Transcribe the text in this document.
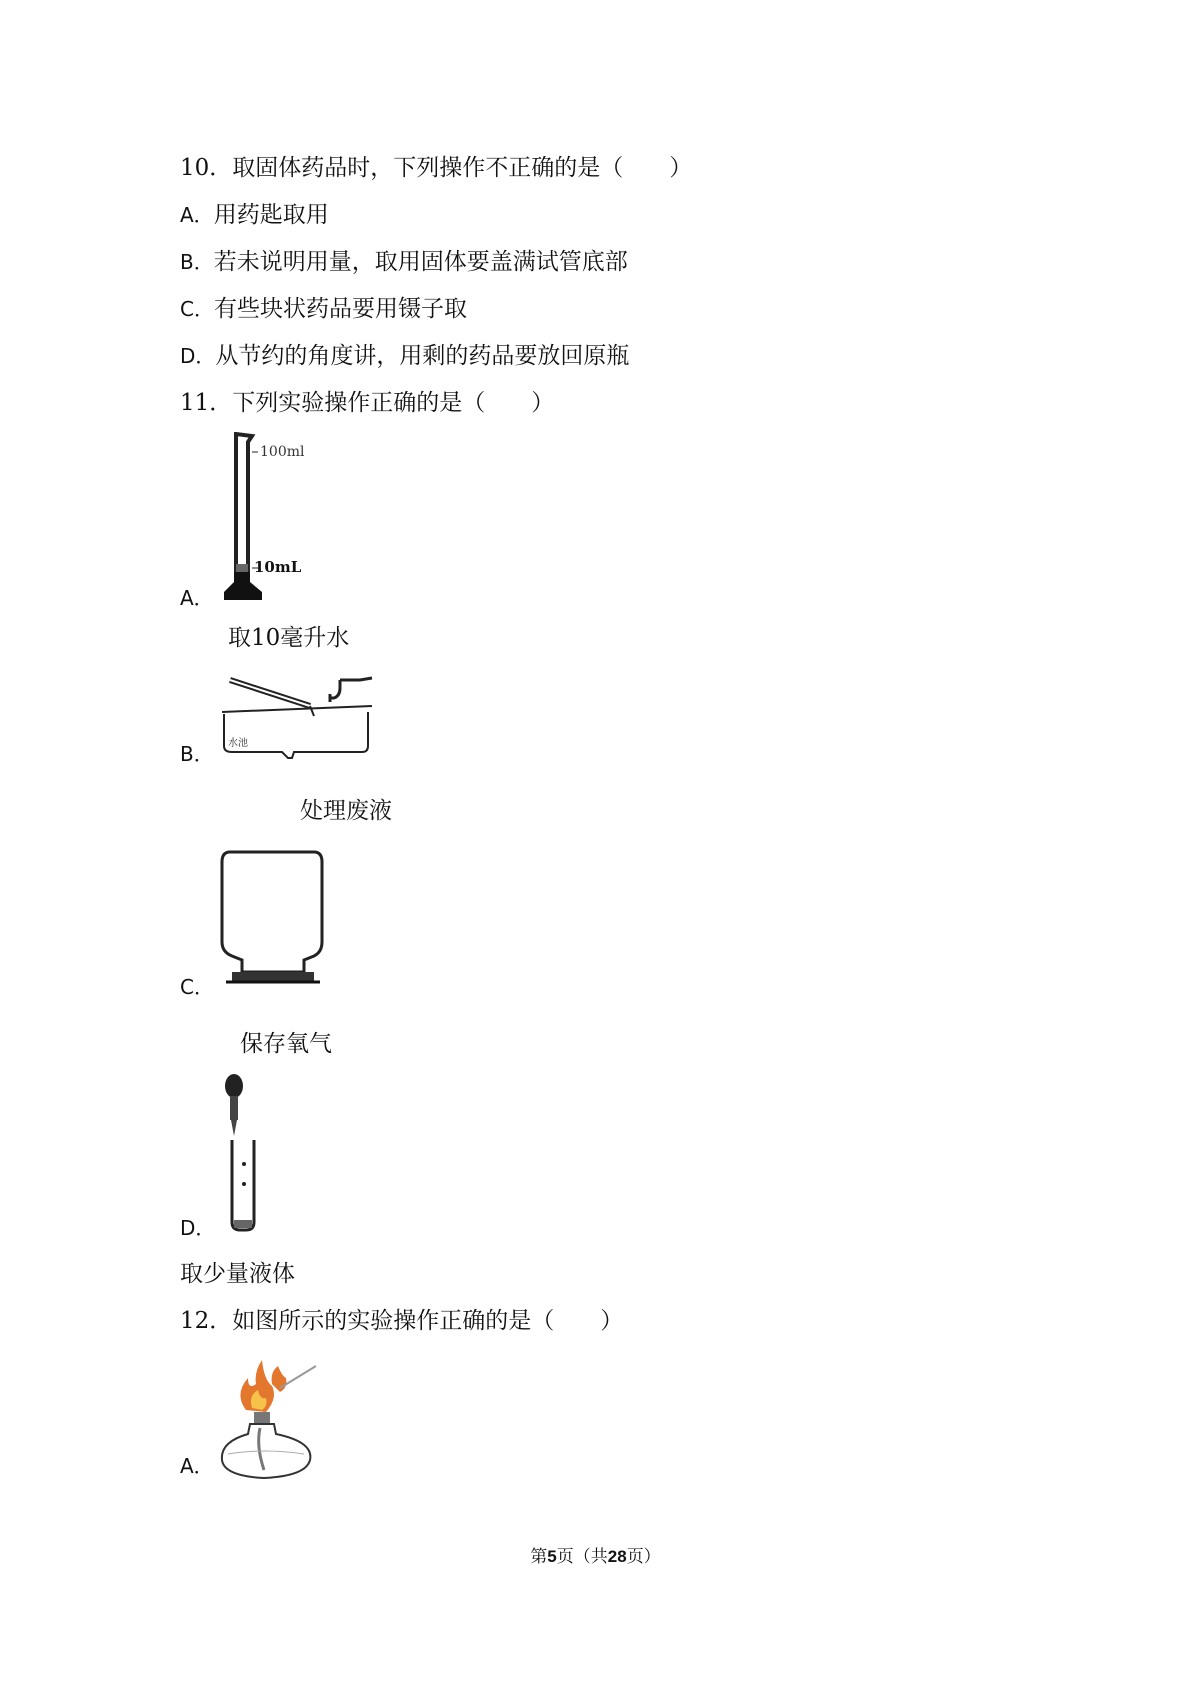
10．取固体药品时，下列操作不正确的是（　　）
A．用药匙取用
B．若未说明用量，取用固体要盖满试管底部
C．有些块状药品要用镊子取
D．从节约的角度讲，用剩的药品要放回原瓶
11．下列实验操作正确的是（　　）
100ml
10mL
A．
取10毫升水
水池
B．
处理废液
C．
保存氧气
D．
取少量液体
12．如图所示的实验操作正确的是（　　）
A．
第5页（共28页）
